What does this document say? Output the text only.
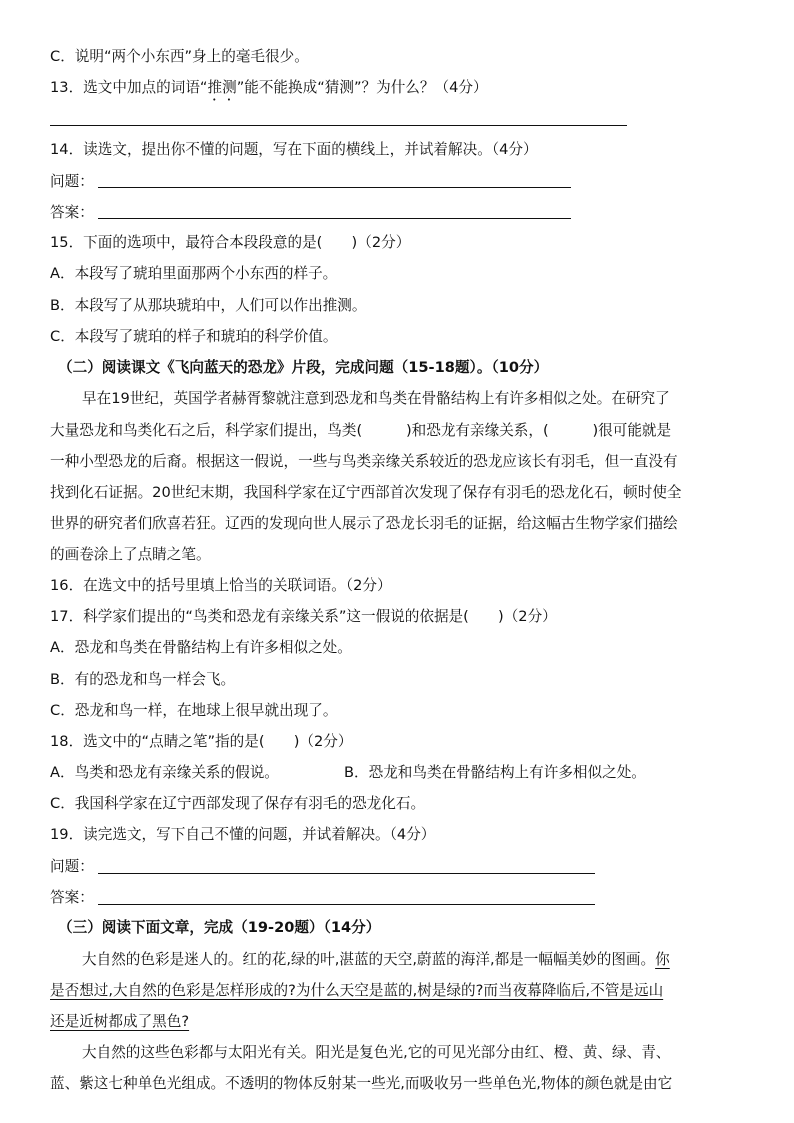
C．说明“两个小东西”身上的毫毛很少。
13．选文中加点的词语“推测”能不能换成“猜测”？为什么？（4分）
14．读选文，提出你不懂的问题，写在下面的横线上，并试着解决。（4分）
问题：
答案：
15．下面的选项中，最符合本段段意的是(　　)（2分）
A．本段写了琥珀里面那两个小东西的样子。
B．本段写了从那块琥珀中，人们可以作出推测。
C．本段写了琥珀的样子和琥珀的科学价值。
（二）阅读课文《飞向蓝天的恐龙》片段，完成问题（15-18题）。（10分）
早在19世纪，英国学者赫胥黎就注意到恐龙和鸟类在骨骼结构上有许多相似之处。在研究了
大量恐龙和鸟类化石之后，科学家们提出，鸟类(　　　)和恐龙有亲缘关系，(　　　)很可能就是
一种小型恐龙的后裔。根据这一假说，一些与鸟类亲缘关系较近的恐龙应该长有羽毛，但一直没有
找到化石证据。20世纪末期，我国科学家在辽宁西部首次发现了保存有羽毛的恐龙化石，顿时使全
世界的研究者们欣喜若狂。辽西的发现向世人展示了恐龙长羽毛的证据，给这幅古生物学家们描绘
的画卷涂上了点睛之笔。
16．在选文中的括号里填上恰当的关联词语。（2分）
17．科学家们提出的“鸟类和恐龙有亲缘关系”这一假说的依据是(　　)（2分）
A．恐龙和鸟类在骨骼结构上有许多相似之处。
B．有的恐龙和鸟一样会飞。
C．恐龙和鸟一样，在地球上很早就出现了。
18．选文中的“点睛之笔”指的是(　　)（2分）
A．鸟类和恐龙有亲缘关系的假说。	B．恐龙和鸟类在骨骼结构上有许多相似之处。
C．我国科学家在辽宁西部发现了保存有羽毛的恐龙化石。
19．读完选文，写下自己不懂的问题，并试着解决。（4分）
问题：
答案：
（三）阅读下面文章，完成（19-20题）（14分）
大自然的色彩是迷人的。红的花,绿的叶,湛蓝的天空,蔚蓝的海洋,都是一幅幅美妙的图画。你
是否想过,大自然的色彩是怎样形成的?为什么天空是蓝的,树是绿的?而当夜幕降临后,不管是远山
还是近树都成了黑色?
大自然的这些色彩都与太阳光有关。阳光是复色光,它的可见光部分由红、橙、黄、绿、青、
蓝、紫这七种单色光组成。不透明的物体反射某一些光,而吸收另一些单色光,物体的颜色就是由它
